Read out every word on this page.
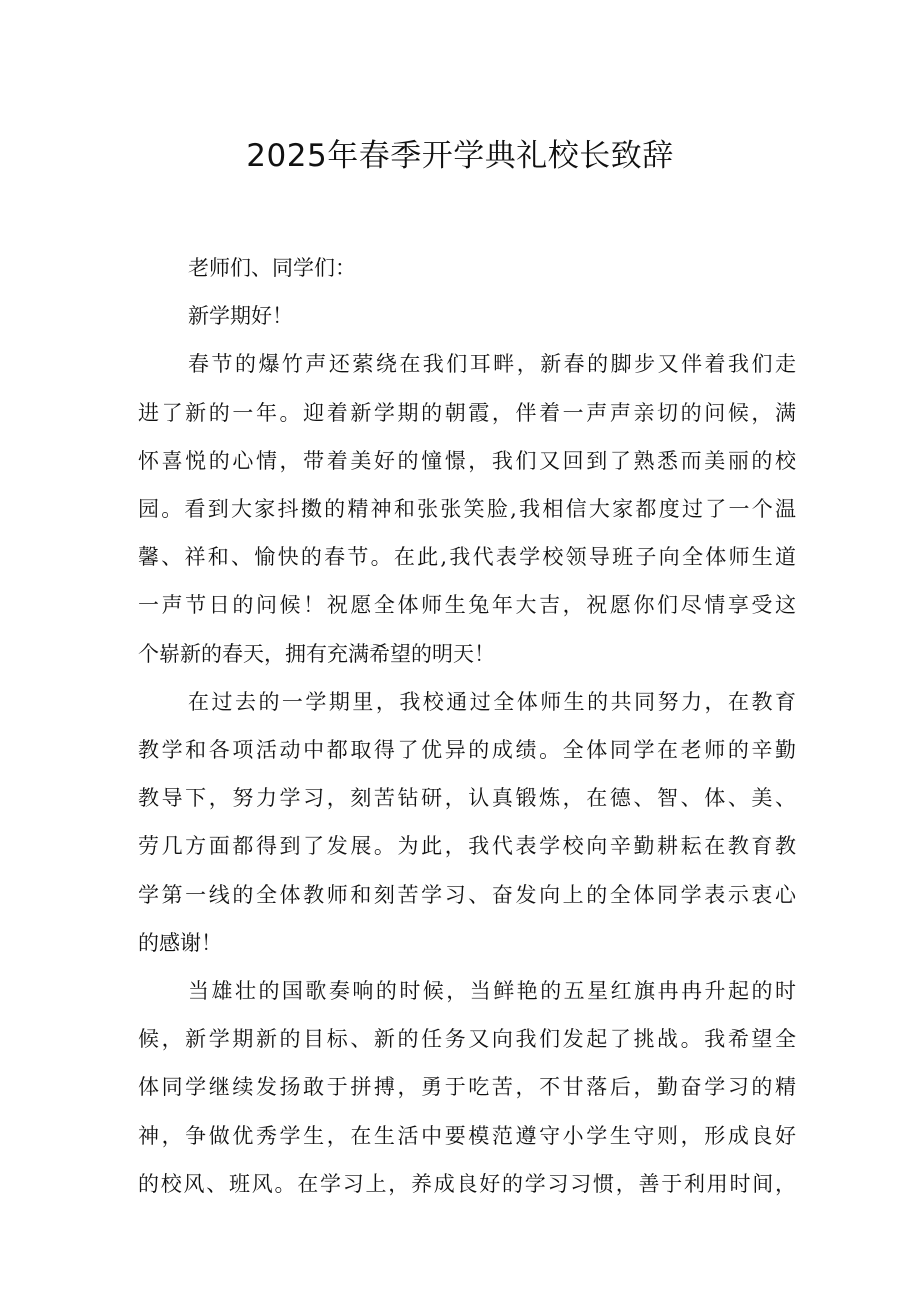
2025年春季开学典礼校长致辞

老师们、同学们：

新学期好！

春节的爆竹声还萦绕在我们耳畔，新春的脚步又伴着我们走
进了新的一年。迎着新学期的朝霞，伴着一声声亲切的问候，满
怀喜悦的心情，带着美好的憧憬，我们又回到了熟悉而美丽的校
园。看到大家抖擞的精神和张张笑脸,我相信大家都度过了一个温
馨、祥和、愉快的春节。在此,我代表学校领导班子向全体师生道
一声节日的问候！祝愿全体师生兔年大吉，祝愿你们尽情享受这
个崭新的春天，拥有充满希望的明天！

在过去的一学期里，我校通过全体师生的共同努力，在教育
教学和各项活动中都取得了优异的成绩。全体同学在老师的辛勤
教导下，努力学习，刻苦钻研，认真锻炼，在德、智、体、美、
劳几方面都得到了发展。为此，我代表学校向辛勤耕耘在教育教
学第一线的全体教师和刻苦学习、奋发向上的全体同学表示衷心
的感谢！

当雄壮的国歌奏响的时候，当鲜艳的五星红旗冉冉升起的时
候，新学期新的目标、新的任务又向我们发起了挑战。我希望全
体同学继续发扬敢于拼搏，勇于吃苦，不甘落后，勤奋学习的精
神，争做优秀学生，在生活中要模范遵守小学生守则，形成良好
的校风、班风。在学习上，养成良好的学习习惯，善于利用时间，
